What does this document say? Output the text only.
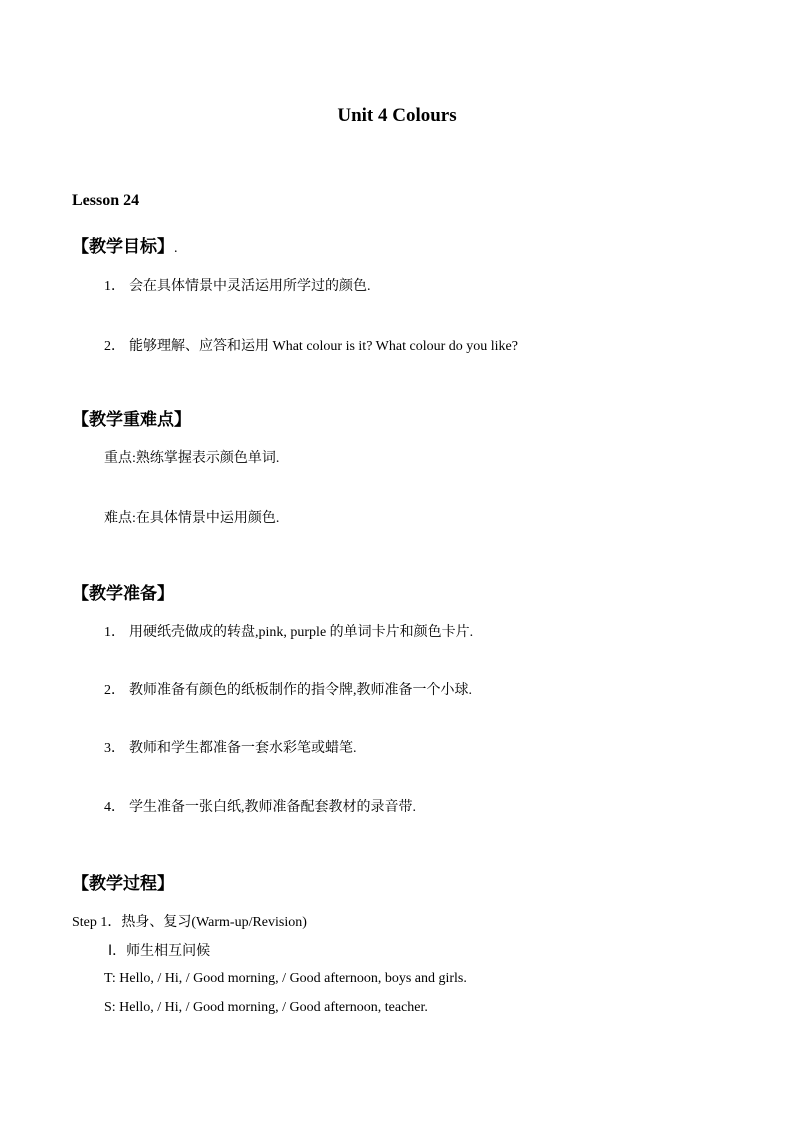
Unit 4 Colours
Lesson 24
【教学目标】.
1． 会在具体情景中灵活运用所学过的颜色.
2． 能够理解、应答和运用 What colour is it? What colour do you like?
【教学重难点】
重点:熟练掌握表示颜色单词.
难点:在具体情景中运用颜色.
【教学准备】
1． 用硬纸壳做成的转盘,pink, purple 的单词卡片和颜色卡片.
2． 教师准备有颜色的纸板制作的指令牌,教师准备一个小球.
3． 教师和学生都准备一套水彩笔或蜡笔.
4． 学生准备一张白纸,教师准备配套教材的录音带.
【教学过程】
Step 1．热身、复习(Warm-up/Revision)
Ⅰ．师生相互问候
T: Hello, / Hi, / Good morning, / Good afternoon, boys and girls.
S: Hello, / Hi, / Good morning, / Good afternoon, teacher.
